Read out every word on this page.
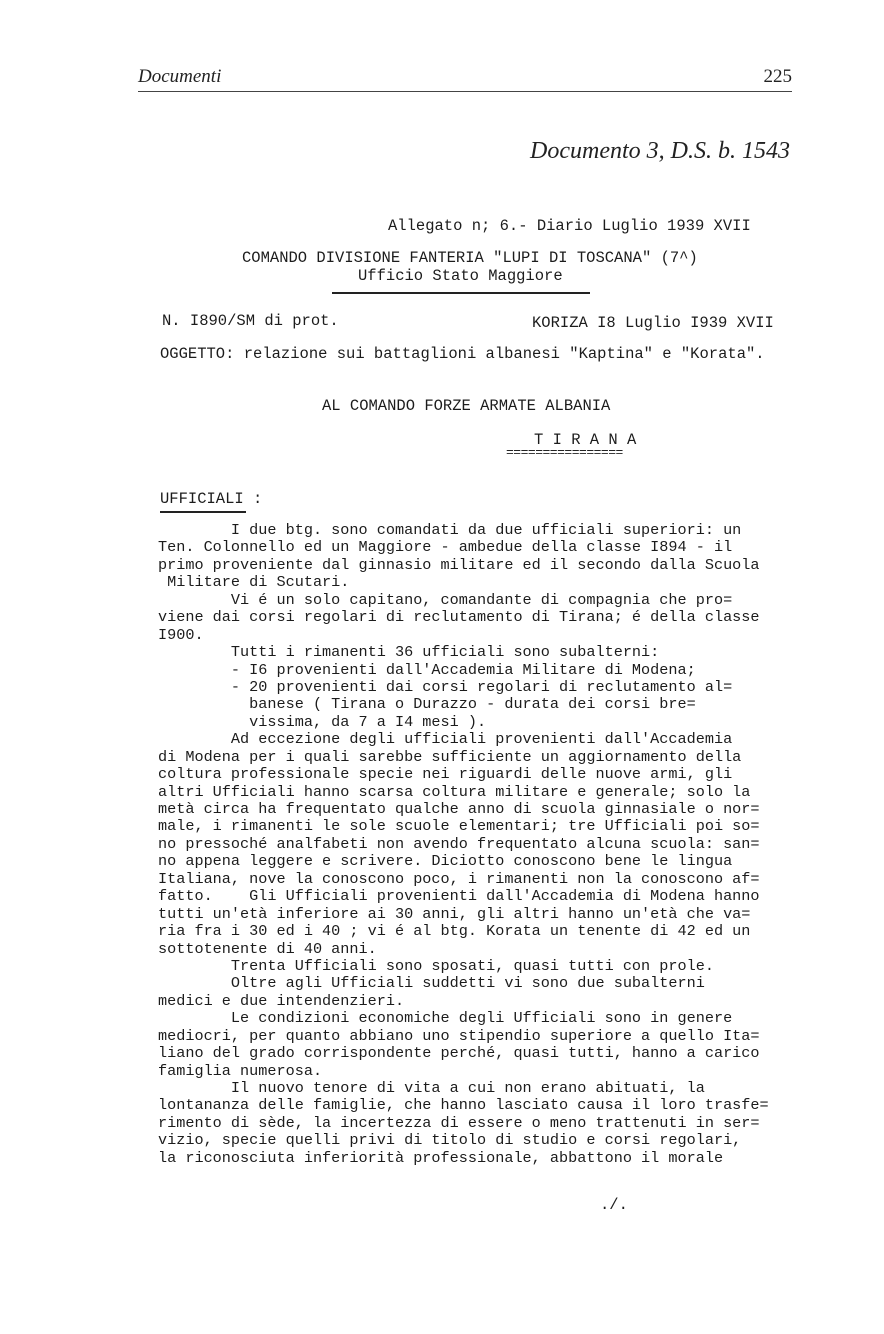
Documenti	225
Documento 3, D.S. b. 1543
Allegato n; 6.- Diario Luglio 1939 XVII
COMANDO DIVISIONE FANTERIA "LUPI DI TOSCANA" (7^)
Ufficio Stato Maggiore
N. I890/SM di prot.	KORIZA I8 Luglio I939 XVII
OGGETTO: relazione sui battaglioni albanesi "Kaptina" e "Korata".
AL COMANDO FORZE ARMATE ALBANIA
T I R A N A
================
UFFICIALI :
I due btg. sono comandati da due ufficiali superiori: un
Ten. Colonnello ed un Maggiore - ambedue della classe I894 - il
primo proveniente dal ginnasio militare ed il secondo dalla Scuola
Militare di Scutari.
Vi é un solo capitano, comandante di compagnia che pro=
viene dai corsi regolari di reclutamento di Tirana; é della classe
I900.
Tutti i rimanenti 36 ufficiali sono subalterni:
- I6 provenienti dall'Accademia Militare di Modena;
- 20 provenienti dai corsi regolari di reclutamento al=
banese ( Tirana o Durazzo - durata dei corsi bre=
vissima, da 7 a I4 mesi ).
Ad eccezione degli ufficiali provenienti dall'Accademia
di Modena per i quali sarebbe sufficiente un aggiornamento della
coltura professionale specie nei riguardi delle nuove armi, gli
altri Ufficiali hanno scarsa coltura militare e generale; solo la
metà circa ha frequentato qualche anno di scuola ginnasiale o nor=
male, i rimanenti le sole scuole elementari; tre Ufficiali poi so=
no pressoché analfabeti non avendo frequentato alcuna scuola: san=
no appena leggere e scrivere. Diciotto conoscono bene le lingua
Italiana, nove la conoscono poco, i rimanenti non la conoscono af=
fatto.    Gli Ufficiali provenienti dall'Accademia di Modena hanno
tutti un'età inferiore ai 30 anni, gli altri hanno un'età che va=
ria fra i 30 ed i 40 ; vi é al btg. Korata un tenente di 42 ed un
sottotenente di 40 anni.
Trenta Ufficiali sono sposati, quasi tutti con prole.
Oltre agli Ufficiali suddetti vi sono due subalterni
medici e due intendenzieri.
Le condizioni economiche degli Ufficiali sono in genere
mediocri, per quanto abbiano uno stipendio superiore a quello Ita=
liano del grado corrispondente perché, quasi tutti, hanno a carico
famiglia numerosa.
Il nuovo tenore di vita a cui non erano abituati, la
lontananza delle famiglie, che hanno lasciato causa il loro trasfe=
rimento di sède, la incertezza di essere o meno trattenuti in ser=
vizio, specie quelli privi di titolo di studio e corsi regolari,
la riconosciuta inferiorità professionale, abbattono il morale
./.
